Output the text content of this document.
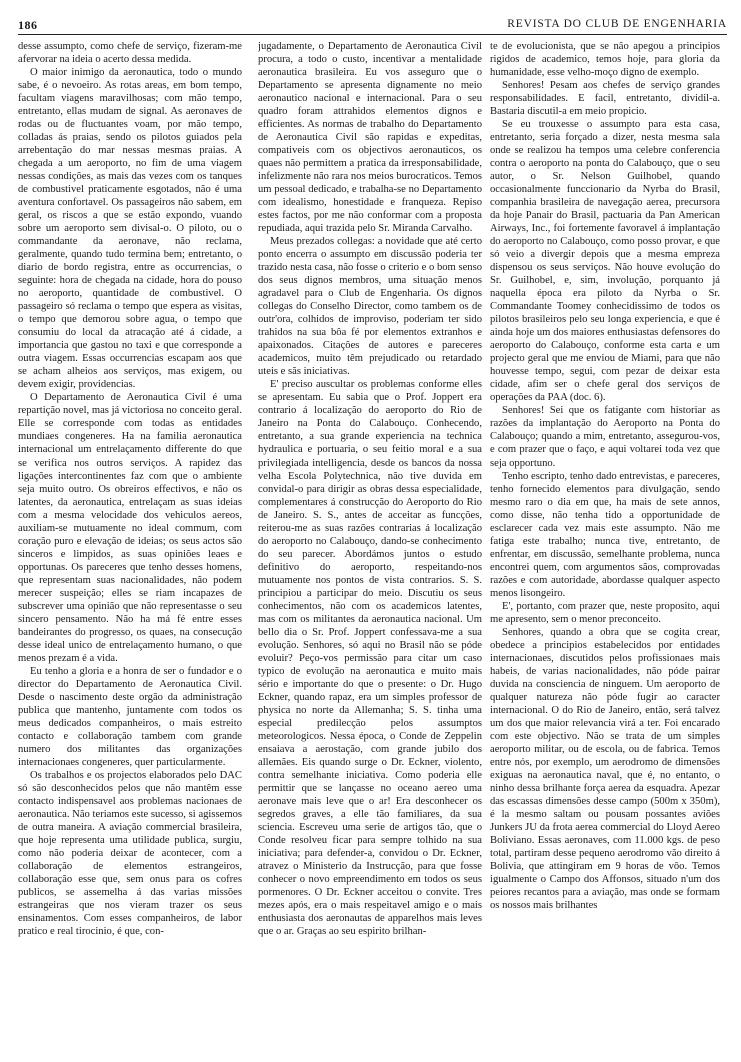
186	REVISTA DO CLUB DE ENGENHARIA

desse assumpto, como chefe de serviço, fizeram-me afervorar na ideia o acerto dessa medida.

O maior inimigo da aeronautica, todo o mundo sabe, é o nevoeiro. As rotas areas, em bom tempo, facultam viagens maravilhosas; com mão tempo, entretanto, ellas mudam de signal. As aeronaves de rodas ou de fluctuantes voam, por mão tempo, colladas ás praias, sendo os pilotos guiados pela arrebentação do mar nessas mesmas praias. A chegada a um aeroporto, no fim de uma viagem nessas condições, as mais das vezes com os tanques de combustivel praticamente esgotados, não é uma aventura confortavel. Os passageiros não sabem, em geral, os riscos a que se estão expondo, vuando sobre um aeroporto sem divisal-o. O piloto, ou o commandante da aeronave, não reclama, geralmente, quando tudo termina bem; entretanto, o diario de bordo registra, entre as occurrencias, o seguinte: hora de chegada na cidade, hora do pouso no aeroporto, quantidade de combustivel. O passageiro só reclama o tempo que espera as visitas, o tempo que demorou sobre agua, o tempo que consumiu do local da atracação até á cidade, a importancia que gastou no taxi e que corresponde a outra viagem. Essas occurrencias escapam aos que se acham alheios aos serviços, mas exigem, ou devem exigir, providencias.

O Departamento de Aeronautica Civil é uma repartição novel, mas já victoriosa no conceito geral. Elle se corresponde com todas as entidades mundiaes congeneres. Ha na familia aeronautica internacional um entrelaçamento differente do que se verifica nos outros serviços. A rapidez das ligações intercontinentes faz com que o ambiente seja muito outro. Os obreiros effectivos, e não os latentes, da aeronautica, entrelaçam as suas ideias com a mesma velocidade dos vehiculos aereos, auxiliam-se mutuamente no ideal commum, com coração puro e elevação de ideias; os seus actos são sinceros e limpidos, as suas opiniões leaes e opportunas. Os pareceres que tenho desses homens, que representam suas nacionalidades, não podem merecer suspeição; elles se riam incapazes de subscrever uma opinião que não representasse o seu sincero pensamento. Não ha má fé entre esses bandeirantes do progresso, os quaes, na consecução desse ideal unico de entrelaçamento humano, o que menos prezam é a vida.

Eu tenho a gloria e a honra de ser o fundador e o director do Departamento de Aeronautica Civil. Desde o nascimento deste orgão da administração publica que mantenho, juntamente com todos os meus dedicados companheiros, o mais estreito contacto e collaboração tambem com grande numero dos militantes das organizações internacionaes congeneres, quer particularmente.

Os trabalhos e os projectos elaborados pelo DAC só são desconhecidos pelos que não mantêm esse contacto indispensavel aos problemas nacionaes de aeronautica. Não teriamos este sucesso, si agissemos de outra maneira. A aviação commercial brasileira, que hoje representa uma utilidade publica, surgiu, como não poderia deixar de acontecer, com a collaboração de elementos estrangeiros, collaboração esse que, sem onus para os cofres publicos, se assemelha á das varias missões estrangeiras que nos vieram trazer os seus ensinamentos. Com esses companheiros, de labor pratico e real tirocinio, é que, con-

jugadamente, o Departamento de Aeronautica Civil procura, a todo o custo, incentivar a mentalidade aeronautica brasileira. Eu vos asseguro que o Departamento se apresenta dignamente no meio aeronautico nacional e internacional. Para o seu quadro foram attrahidos elementos dignos e efficientes. As normas de trabalho do Departamento de Aeronautica Civil são rapidas e expeditas, compativeis com os objectivos aeronauticos, os quaes não permittem a pratica da irresponsabilidade, infelizmente não rara nos meios burocraticos. Temos um pessoal dedicado, e trabalha-se no Departamento com idealismo, honestidade e franqueza. Repiso estes factos, por me não conformar com a proposta repudiada, aqui trazida pelo Sr. Miranda Carvalho.

Meus prezados collegas: a novidade que até certo ponto encerra o assumpto em discussão poderia ter trazido nesta casa, não fosse o criterio e o bom senso dos seus dignos membros, uma situação menos agradavel para o Club de Engenharia. Os dignos collegas do Conselho Director, como tambem os de outr'ora, colhidos de improviso, poderiam ter sido trahidos na sua bôa fé por elementos extranhos e apaixonados. Citações de autores e pareceres academicos, muito têm prejudicado ou retardado uteis e sãs iniciativas.

E' preciso auscultar os problemas conforme elles se apresentam. Eu sabia que o Prof. Joppert era contrario á localização do aeroporto do Rio de Janeiro na Ponta do Calabouço. Conhecendo, entretanto, a sua grande experiencia na technica hydraulica e portuaria, o seu feitio moral e a sua privilegiada intelligencia, desde os bancos da nossa velha Escola Polytechnica, não tive duvida em convidal-o para dirigir as obras dessa especialidade, complementares á construcção do Aeroporto do Rio de Janeiro. S. S., antes de acceitar as funcções, reiterou-me as suas razões contrarias á localização do aeroporto no Calabouço, dando-se conhecimento do seu parecer. Abordámos juntos o estudo definitivo do aeroporto, respeitando-nos mutuamente nos pontos de vista contrarios. S. S. principiou a participar do meio. Discutiu os seus conhecimentos, não com os academicos latentes, mas com os militantes da aeronautica nacional. Um bello dia o Sr. Prof. Joppert confessava-me a sua evolução. Senhores, só aqui no Brasil não se póde evoluir? Peço-vos permissão para citar um caso typico de evolução na aeronautica e muito mais sério e importante do que o presente: o Dr. Hugo Eckner, quando rapaz, era um simples professor de physica no norte da Allemanha; S. S. tinha uma especial predilecção pelos assumptos meteorologicos. Nessa época, o Conde de Zeppelin ensaiava a aerostação, com grande jubilo dos allemães. Eis quando surge o Dr. Eckner, violento, contra semelhante iniciativa. Como poderia elle permittir que se lançasse no oceano aereo uma aeronave mais leve que o ar! Era desconhecer os segredos graves, a elle tão familiares, da sua sciencia. Escreveu uma serie de artigos tão, que o Conde resolveu ficar para sempre tolhido na sua iniciativa; para defender-a, convidou o Dr. Eckner, atravez o Ministerio da Instrucção, para que fosse conhecer o novo empreendimento em todos os seus pormenores. O Dr. Eckner acceitou o convite. Tres mezes após, era o mais respeitavel amigo e o mais enthusiasta dos aeronautas de apparelhos mais leves que o ar. Graças ao seu espirito brilhan-

te de evolucionista, que se não apegou a principios rigidos de academico, temos hoje, para gloria da humanidade, esse velho-moço digno de exemplo.

Senhores! Pesam aos chefes de serviço grandes responsabilidades. E facil, entretanto, dividil-a. Bastaria discutil-a em meio propicio.

Se eu trouxesse o assumpto para esta casa, entretanto, seria forçado a dizer, nesta mesma sala onde se realizou ha tempos uma celebre conferencia contra o aeroporto na ponta do Calabouço, que o seu autor, o Sr. Nelson Guilhobel, quando occasionalmente funccionario da Nyrba do Brasil, companhia brasileira de navegação aerea, precursora da hoje Panair do Brasil, pactuaria da Pan American Airways, Inc., foi fortemente favoravel á implantação do aeroporto no Calabouço, como posso provar, e que só veio a divergir depois que a mesma empreza dispensou os seus serviços. Não houve evolução do Sr. Guilhobel, e, sim, involução, porquanto já naquella época era piloto da Nyrba o Sr. Commandante Toomey conhecidissimo de todos os pilotos brasileiros pelo seu longa experiencia, e que é ainda hoje um dos maiores enthusiastas defensores do aeroporto do Calabouço, conforme esta carta e um projecto geral que me enviou de Miami, para que não houvesse tempo, segui, com pezar de deixar esta cidade, afim ser o chefe geral dos serviços de operações da PAA (doc. 6).

Senhores! Sei que os fatigante com historiar as razões da implantação do Aeroporto na Ponta do Calabouço; quando a mim, entretanto, assegurou-vos, e com prazer que o faço, e aqui voltarei toda vez que seja opportuno.

Tenho escripto, tenho dado entrevistas, e pareceres, tenho fornecido elementos para divulgação, sendo mesmo raro o dia em que, ha mais de sete annos, como disse, não tenha tido a opportunidade de esclarecer cada vez mais este assumpto. Não me fatiga este trabalho; nunca tive, entretanto, de enfrentar, em discussão, semelhante problema, nunca encontrei quem, com argumentos sãos, comprovadas razões e com autoridade, abordasse qualquer aspecto menos lisongeiro.

E', portanto, com prazer que, neste proposito, aqui me apresento, sem o menor preconceito.

Senhores, quando a obra que se cogita crear, obedece a principios estabelecidos por entidades internacionaes, discutidos pelos profissionaes mais habeis, de varias nacionalidades, não póde pairar duvida na consciencia de ninguem. Um aeroporto de qualquer natureza não póde fugir ao caracter internacional. O do Rio de Janeiro, então, será talvez um dos que maior relevancia virá a ter. Foi encarado com este objectivo. Não se trata de um simples aeroporto militar, ou de escola, ou de fabrica. Temos entre nós, por exemplo, um aerodromo de dimensões exiguas na aeronautica naval, que é, no entanto, o ninho dessa brilhante força aerea da esquadra. Apezar das escassas dimensões desse campo (500m x 350m), é la mesmo saltam ou pousam possantes aviões Junkers JU da frota aerea commercial do Lloyd Aereo Boliviano. Essas aeronaves, com 11.000 kgs. de peso total, partiram desse pequeno aerodromo vão direito á Bolivia, que attingiram em 9 horas de vôo. Temos igualmente o Campo dos Affonsos, situado n'um dos peiores recantos para a aviação, mas onde se formam os nossos mais brilhantes
